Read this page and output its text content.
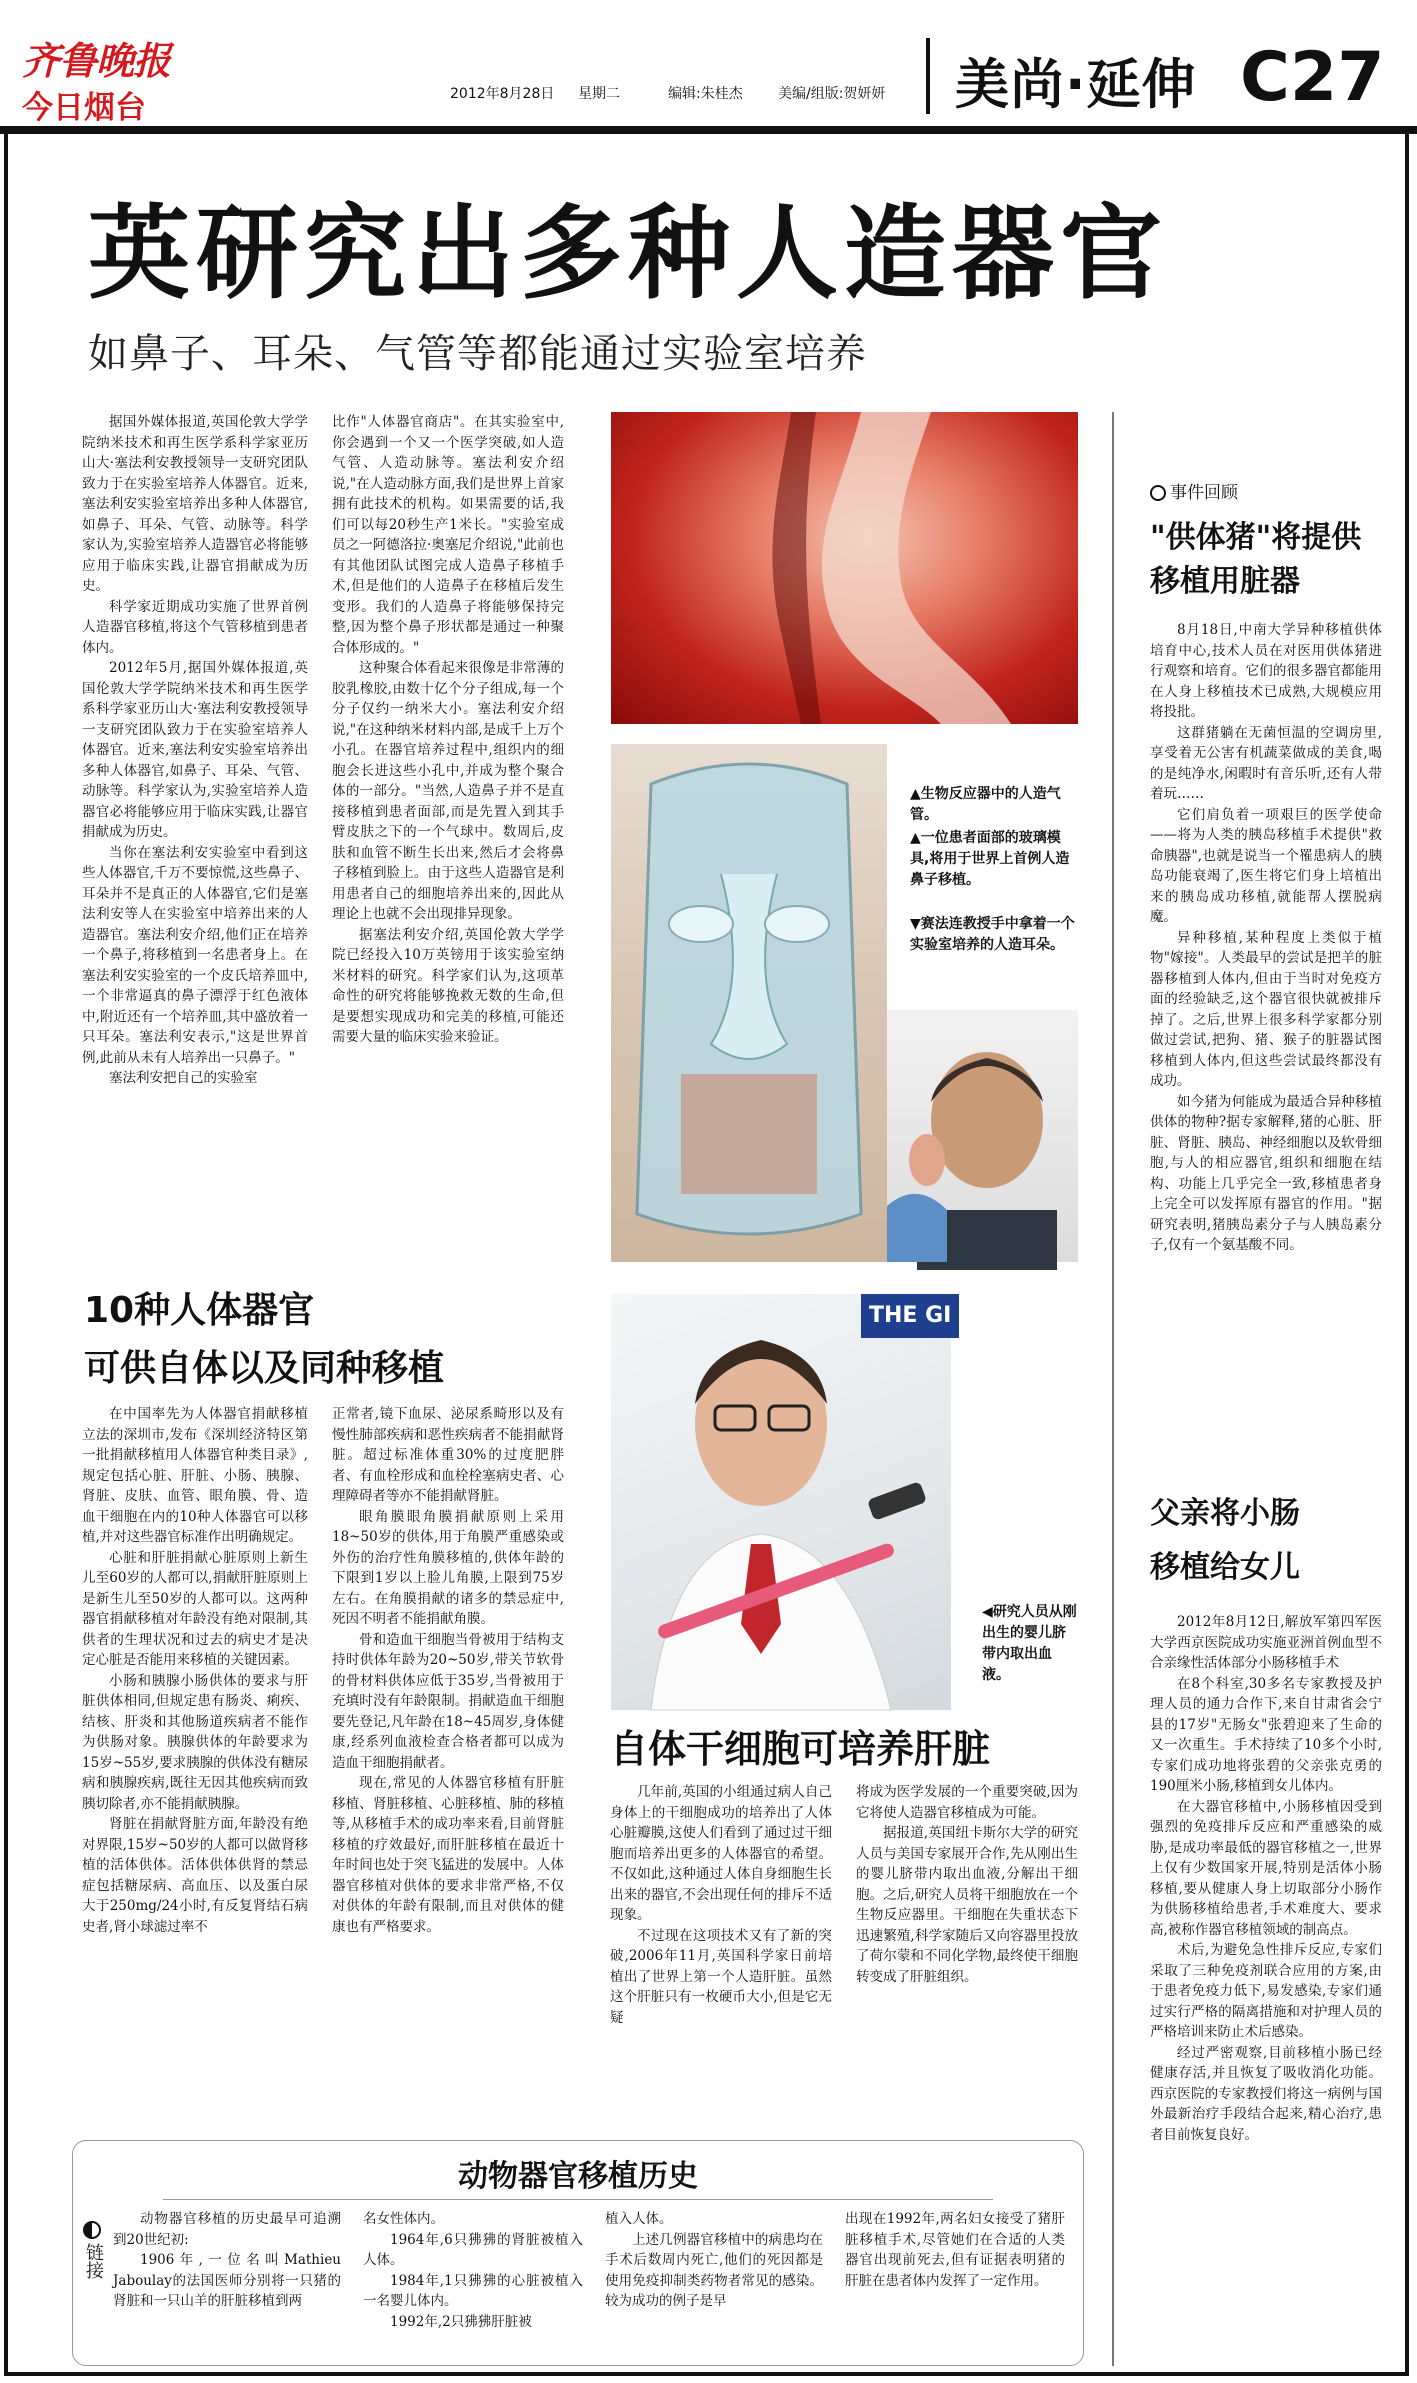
齐鲁晚报
今日烟台	2012年8月28日 星期二	编辑:朱桂杰	美编/组版:贺妍妍 美尚·延伸 C27
英研究出多种人造器官
如鼻子、耳朵、气管等都能通过实验室培养

据国外媒体报道,英国伦敦大学学院纳米技术和再生医学系科学家亚历山大·塞法利安教授领导一支研究团队致力于在实验室培养人体器官。近来,塞法利安实验室培养出多种人体器官,如鼻子、耳朵、气管、动脉等。科学家认为,实验室培养人造器官必将能够应用于临床实践,让器官捐献成为历史。

科学家近期成功实施了世界首例人造器官移植,将这个气管移植到患者体内。

2012年5月,据国外媒体报道,英国伦敦大学学院纳米技术和再生医学系科学家亚历山大·塞法利安教授领导一支研究团队致力于在实验室培养人体器官。近来,塞法利安实验室培养出多种人体器官,如鼻子、耳朵、气管、动脉等。科学家认为,实验室培养人造器官必将能够应用于临床实践,让器官捐献成为历史。

当你在塞法利安实验室中看到这些人体器官,千万不要惊慌,这些鼻子、耳朵并不是真正的人体器官,它们是塞法利安等人在实验室中培养出来的人造器官。塞法利安介绍,他们正在培养一个鼻子,将移植到一名患者身上。在塞法利安实验室的一个皮氏培养皿中,一个非常逼真的鼻子漂浮于红色液体中,附近还有一个培养皿,其中盛放着一只耳朵。塞法利安表示,"这是世界首例,此前从未有人培养出一只鼻子。"

塞法利安把自己的实验室

比作"人体器官商店"。在其实验室中,你会遇到一个又一个医学突破,如人造气管、人造动脉等。塞法利安介绍说,"在人造动脉方面,我们是世界上首家拥有此技术的机构。如果需要的话,我们可以每20秒生产1米长。"实验室成员之一阿德洛拉·奥塞尼介绍说,"此前也有其他团队试图完成人造鼻子移植手术,但是他们的人造鼻子在移植后发生变形。我们的人造鼻子将能够保持完整,因为整个鼻子形状都是通过一种聚合体形成的。"

这种聚合体看起来很像是非常薄的胶乳橡胶,由数十亿个分子组成,每一个分子仅约一纳米大小。塞法利安介绍说,"在这种纳米材料内部,是成千上万个小孔。在器官培养过程中,组织内的细胞会长进这些小孔中,并成为整个聚合体的一部分。"当然,人造鼻子并不是直接移植到患者面部,而是先置入到其手臂皮肤之下的一个气球中。数周后,皮肤和血管不断生长出来,然后才会将鼻子移植到脸上。由于这些人造器官是利用患者自己的细胞培养出来的,因此从理论上也就不会出现排异现象。

据塞法利安介绍,英国伦敦大学学院已经投入10万英镑用于该实验室纳米材料的研究。科学家们认为,这项革命性的研究将能够挽救无数的生命,但是要想实现成功和完美的移植,可能还需要大量的临床实验来验证。

▲生物反应器中的人造气管。
▲一位患者面部的玻璃模具,将用于世界上首例人造鼻子移植。
▼赛法连教授手中拿着一个实验室培养的人造耳朵。
THE GI
◀研究人员从刚出生的婴儿脐带内取出血液。
10种人体器官
可供自体以及同种移植

在中国率先为人体器官捐献移植立法的深圳市,发布《深圳经济特区第一批捐献移植用人体器官种类目录》,规定包括心脏、肝脏、小肠、胰腺、肾脏、皮肤、血管、眼角膜、骨、造血干细胞在内的10种人体器官可以移植,并对这些器官标准作出明确规定。

心脏和肝脏捐献心脏原则上新生儿至60岁的人都可以,捐献肝脏原则上是新生儿至50岁的人都可以。这两种器官捐献移植对年龄没有绝对限制,其供者的生理状况和过去的病史才是决定心脏是否能用来移植的关键因素。

小肠和胰腺小肠供体的要求与肝脏供体相同,但规定患有肠炎、痢疾、结核、肝炎和其他肠道疾病者不能作为供肠对象。胰腺供体的年龄要求为15岁~55岁,要求胰腺的供体没有糖尿病和胰腺疾病,既往无因其他疾病而致胰切除者,亦不能捐献胰腺。

肾脏在捐献肾脏方面,年龄没有绝对界限,15岁~50岁的人都可以做肾移植的活体供体。活体供体供肾的禁忌症包括糖尿病、高血压、以及蛋白尿大于250mg/24小时,有反复肾结石病史者,肾小球滤过率不

正常者,镜下血尿、泌尿系畸形以及有慢性肺部疾病和恶性疾病者不能捐献肾脏。超过标准体重30%的过度肥胖者、有血栓形成和血栓栓塞病史者、心理障碍者等亦不能捐献肾脏。

眼角膜眼角膜捐献原则上采用18~50岁的供体,用于角膜严重感染或外伤的治疗性角膜移植的,供体年龄的下限到1岁以上脸儿角膜,上限到75岁左右。在角膜捐献的诸多的禁忌症中,死因不明者不能捐献角膜。

骨和造血干细胞当骨被用于结构支持时供体年龄为20~50岁,带关节软骨的骨材料供体应低于35岁,当骨被用于充填时没有年龄限制。捐献造血干细胞要先登记,凡年龄在18~45周岁,身体健康,经系列血液检查合格者都可以成为造血干细胞捐献者。

现在,常见的人体器官移植有肝脏移植、肾脏移植、心脏移植、肺的移植等,从移植手术的成功率来看,目前肾脏移植的疗效最好,而肝脏移植在最近十年时间也处于突飞猛进的发展中。人体器官移植对供体的要求非常严格,不仅对供体的年龄有限制,而且对供体的健康也有严格要求。

自体干细胞可培养肝脏

几年前,英国的小组通过病人自己身体上的干细胞成功的培养出了人体心脏瓣膜,这使人们看到了通过过干细胞而培养出更多的人体器官的希望。不仅如此,这种通过人体自身细胞生长出来的器官,不会出现任何的排斥不适现象。

不过现在这项技术又有了新的突破,2006年11月,英国科学家日前培植出了世界上第一个人造肝脏。虽然这个肝脏只有一枚硬币大小,但是它无疑

将成为医学发展的一个重要突破,因为它将使人造器官移植成为可能。

据报道,英国纽卡斯尔大学的研究人员与美国专家展开合作,先从刚出生的婴儿脐带内取出血液,分解出干细胞。之后,研究人员将干细胞放在一个生物反应器里。干细胞在失重状态下迅速繁殖,科学家随后又向容器里投放了荷尔蒙和不同化学物,最终使干细胞转变成了肝脏组织。

事件回顾
"供体猪"将提供
移植用脏器

8月18日,中南大学异种移植供体培育中心,技术人员在对医用供体猪进行观察和培育。它们的很多器官都能用在人身上移植技术已成熟,大规模应用将投批。

这群猪躺在无菌恒温的空调房里,享受着无公害有机蔬菜做成的美食,喝的是纯净水,闲暇时有音乐听,还有人带着玩……

它们肩负着一项艰巨的医学使命——将为人类的胰岛移植手术提供"救命胰器",也就是说当一个罹患病人的胰岛功能衰竭了,医生将它们身上培植出来的胰岛成功移植,就能帮人摆脱病魔。

异种移植,某种程度上类似于植物"嫁接"。人类最早的尝试是把羊的脏器移植到人体内,但由于当时对免疫方面的经验缺乏,这个器官很快就被排斥掉了。之后,世界上很多科学家都分别做过尝试,把狗、猪、猴子的脏器试图移植到人体内,但这些尝试最终都没有成功。

如今猪为何能成为最适合异种移植供体的物种?据专家解释,猪的心脏、肝脏、肾脏、胰岛、神经细胞以及软骨细胞,与人的相应器官,组织和细胞在结构、功能上几乎完全一致,移植患者身上完全可以发挥原有器官的作用。"据研究表明,猪胰岛素分子与人胰岛素分子,仅有一个氨基酸不同。

父亲将小肠
移植给女儿

2012年8月12日,解放军第四军医大学西京医院成功实施亚洲首例血型不合亲缘性活体部分小肠移植手术

在8个科室,30多名专家教授及护理人员的通力合作下,来自甘肃省会宁县的17岁"无肠女"张碧迎来了生命的又一次重生。手术持续了10多个小时,专家们成功地将张碧的父亲张克勇的190厘米小肠,移植到女儿体内。

在大器官移植中,小肠移植因受到强烈的免疫排斥反应和严重感染的威胁,是成功率最低的器官移植之一,世界上仅有少数国家开展,特别是活体小肠移植,要从健康人身上切取部分小肠作为供肠移植给患者,手术难度大、要求高,被称作器官移植领域的制高点。

术后,为避免急性排斥反应,专家们采取了三种免疫剂联合应用的方案,由于患者免疫力低下,易发感染,专家们通过实行严格的隔离措施和对护理人员的严格培训来防止术后感染。

经过严密观察,目前移植小肠已经健康存活,并且恢复了吸收消化功能。西京医院的专家教授们将这一病例与国外最新治疗手段结合起来,精心治疗,患者目前恢复良好。

动物器官移植历史
链接

动物器官移植的历史最早可追溯到20世纪初:

1906年,一位名叫Mathieu Jaboulay的法国医师分别将一只猪的肾脏和一只山羊的肝脏移植到两

名女性体内。

1964年,6只狒狒的肾脏被植入人体。

1984年,1只狒狒的心脏被植入一名婴儿体内。

1992年,2只狒狒肝脏被

植入人体。

上述几例器官移植中的病患均在手术后数周内死亡,他们的死因都是使用免疫抑制类药物者常见的感染。较为成功的例子是早

出现在1992年,两名妇女接受了猪肝脏移植手术,尽管她们在合适的人类器官出现前死去,但有证据表明猪的肝脏在患者体内发挥了一定作用。
